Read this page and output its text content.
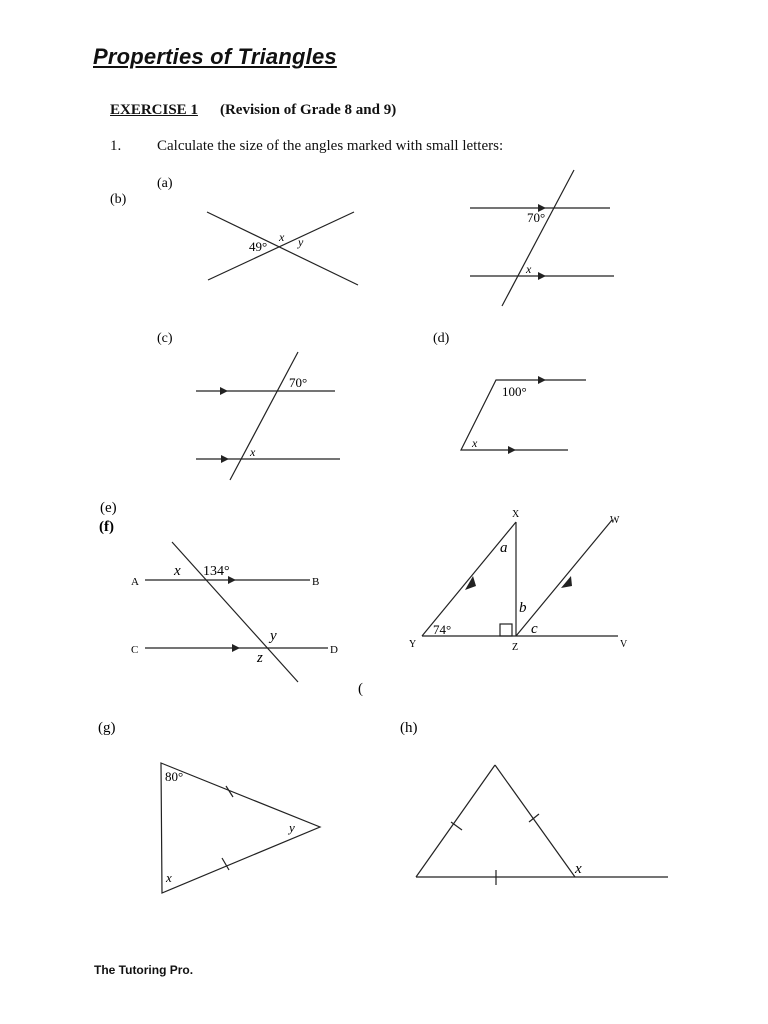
Properties of Triangles
EXERCISE 1 (Revision of Grade 8 and 9)
1. Calculate the size of the angles marked with small letters:
(a)
(b)
(c)	(d)
(e)
(f)
(g)	(h)
49°
x y
70°
x
70°
x
100°
x
A	B
C	D
x 134°
y
z
X
Y	Z	V
W
74°
a
b
c
(
80°
y
x
x
The Tutoring Pro.
